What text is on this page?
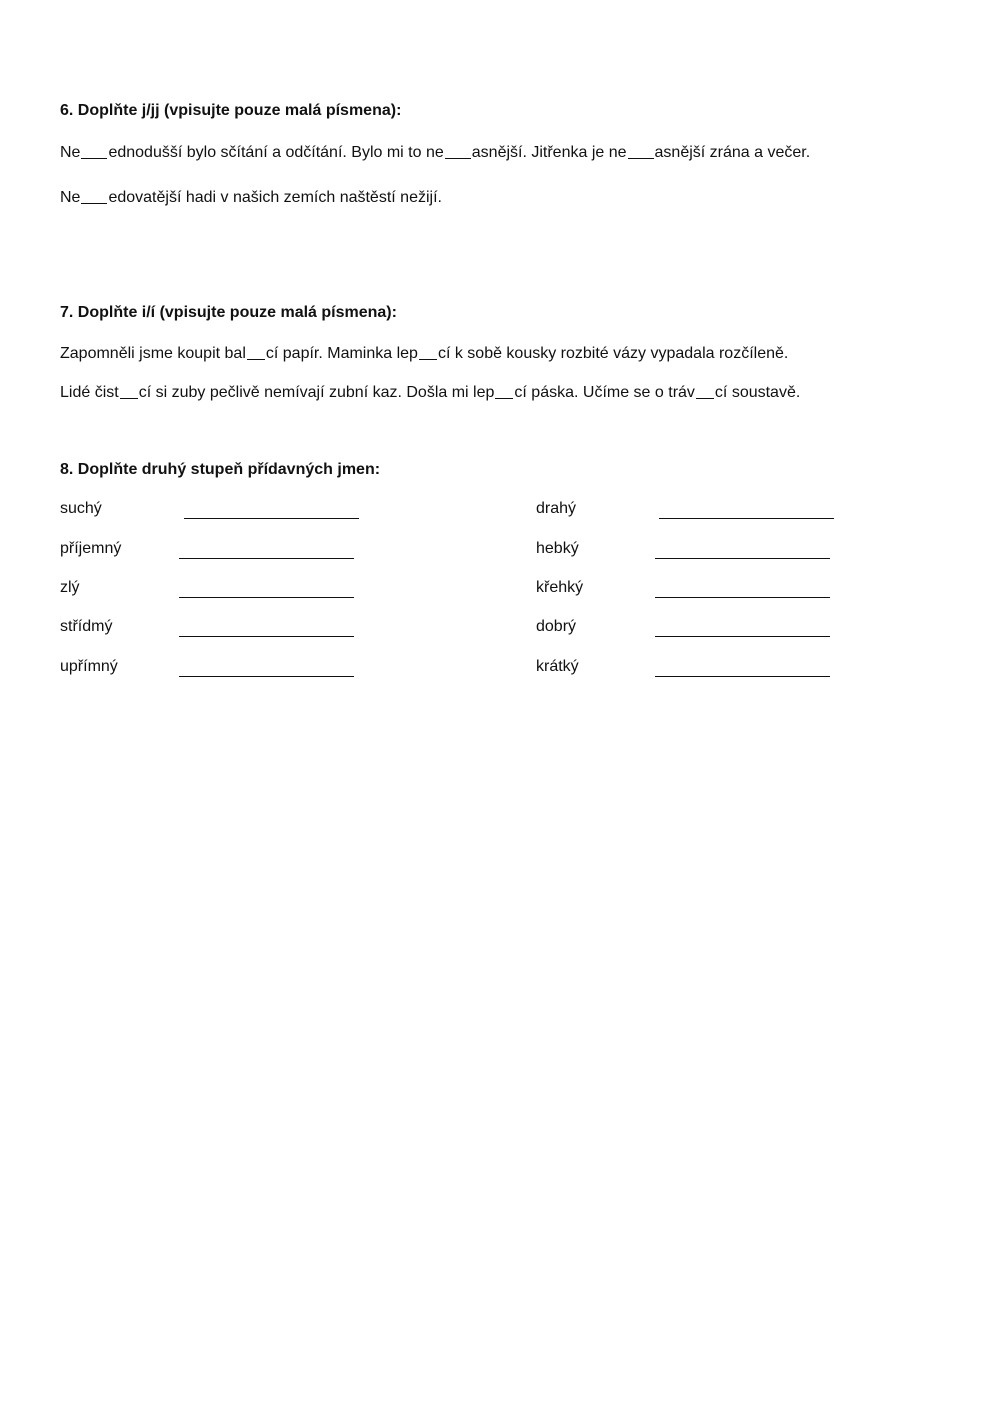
6. Doplňte j/jj (vpisujte pouze malá písmena):
Ne ednodušší bylo sčítání a odčítání. Bylo mi to ne asnější. Jitřenka je ne asnější zrána a večer.
Ne edovatější hadi v našich zemích naštěstí nežijí.
7. Doplňte i/í (vpisujte pouze malá písmena):
Zapomněli jsme koupit bal cí papír. Maminka lep cí k sobě kousky rozbité vázy vypadala rozčíleně.
Lidé čist cí si zuby pečlivě nemívají zubní kaz. Došla mi lep cí páska. Učíme se o tráv cí soustavě.
8. Doplňte druhý stupeň přídavných jmen:
suchý	drahý
příjemný	hebký
zlý	křehký
střídmý	dobrý
upřímný	krátký
